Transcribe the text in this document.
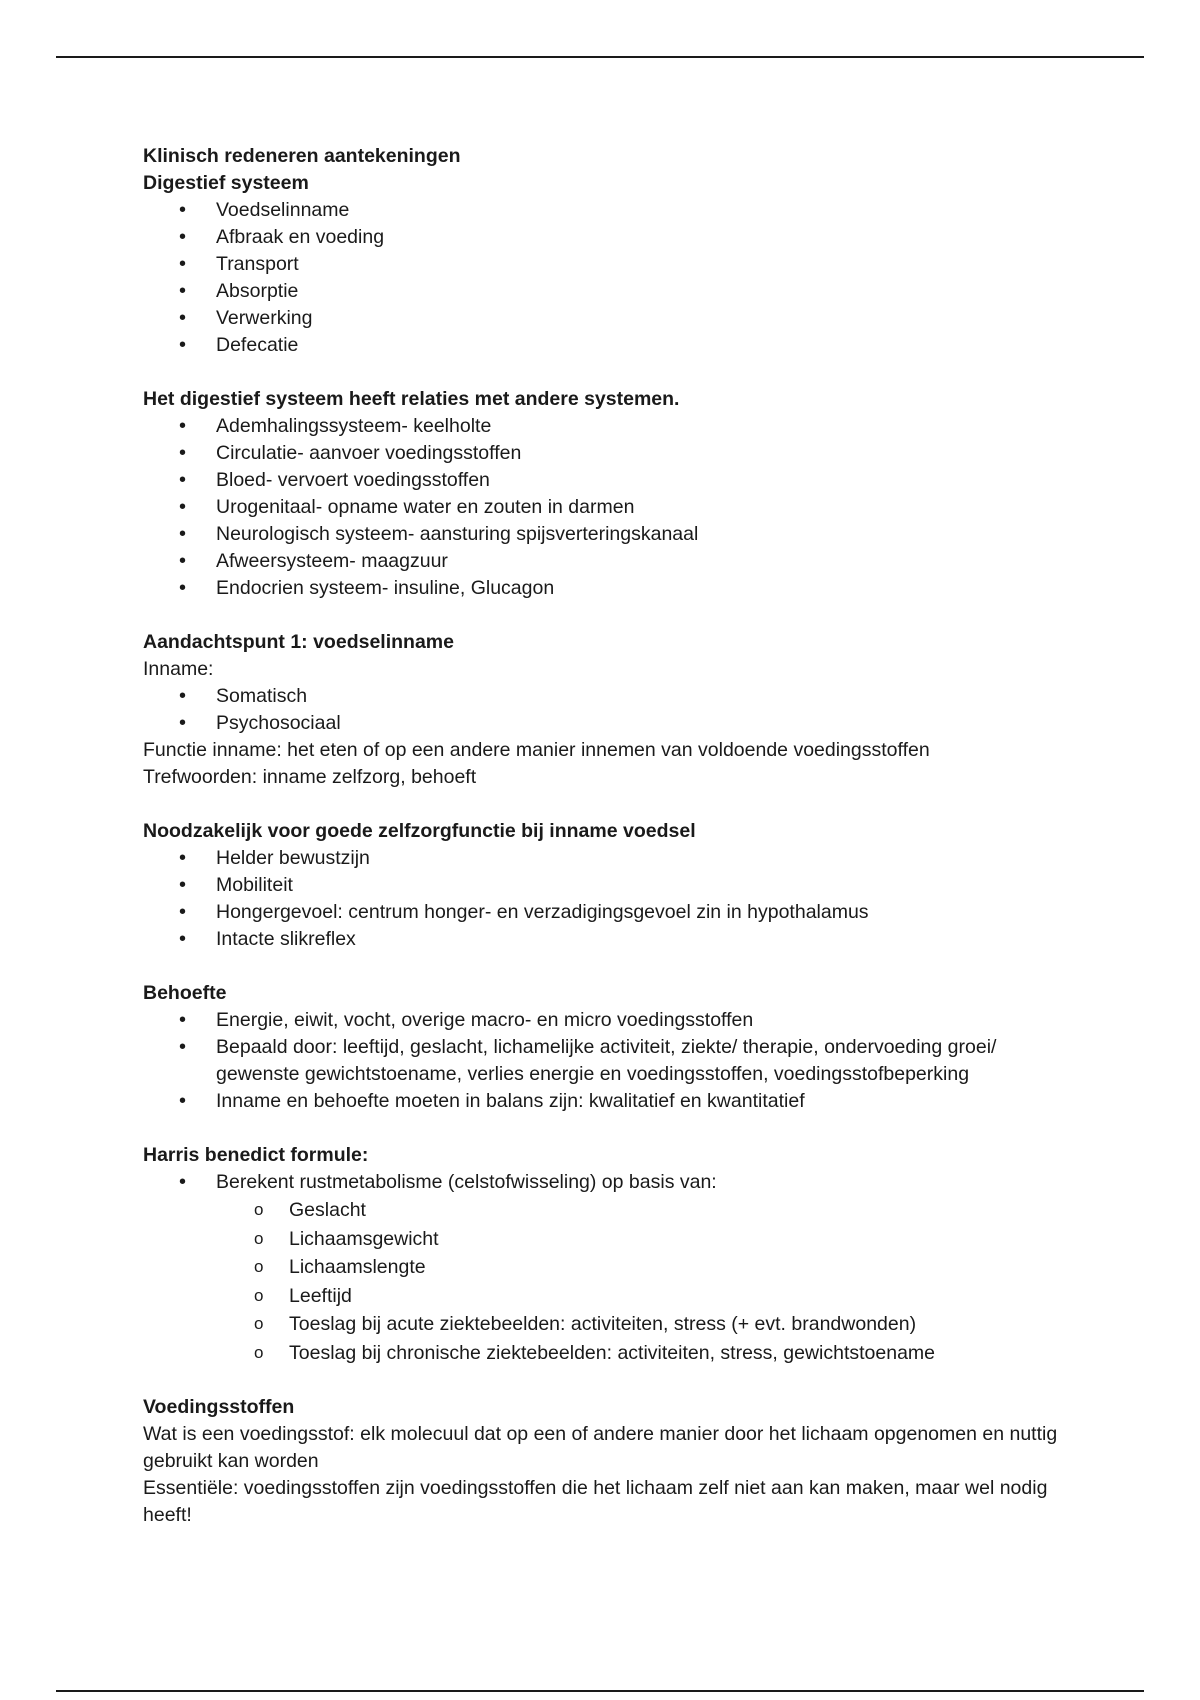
Klinisch redeneren aantekeningen
Digestief systeem
• Voedselinname
• Afbraak en voeding
• Transport
• Absorptie
• Verwerking
• Defecatie
Het digestief systeem heeft relaties met andere systemen.
• Ademhalingssysteem- keelholte
• Circulatie- aanvoer voedingsstoffen
• Bloed- vervoert voedingsstoffen
• Urogenitaal- opname water en zouten in darmen
• Neurologisch systeem- aansturing spijsverteringskanaal
• Afweersysteem- maagzuur
• Endocrien systeem- insuline, Glucagon
Aandachtspunt 1: voedselinname
Inname:
• Somatisch
• Psychosociaal
Functie inname: het eten of op een andere manier innemen van voldoende voedingsstoffen
Trefwoorden: inname zelfzorg, behoeft
Noodzakelijk voor goede zelfzorgfunctie bij inname voedsel
• Helder bewustzijn
• Mobiliteit
• Hongergevoel: centrum honger- en verzadigingsgevoel zin in hypothalamus
• Intacte slikreflex
Behoefte
• Energie, eiwit, vocht, overige macro- en micro voedingsstoffen
• Bepaald door: leeftijd, geslacht, lichamelijke activiteit, ziekte/ therapie, ondervoeding groei/ gewenste gewichtstoename, verlies energie en voedingsstoffen, voedingsstofbeperking
• Inname en behoefte moeten in balans zijn: kwalitatief en kwantitatief
Harris benedict formule:
• Berekent rustmetabolisme (celstofwisseling) op basis van:
o Geslacht
o Lichaamsgewicht
o Lichaamslengte
o Leeftijd
o Toeslag bij acute ziektebeelden: activiteiten, stress (+ evt. brandwonden)
o Toeslag bij chronische ziektebeelden: activiteiten, stress, gewichtstoename
Voedingsstoffen
Wat is een voedingsstof: elk molecuul dat op een of andere manier door het lichaam opgenomen en nuttig gebruikt kan worden
Essentiële: voedingsstoffen zijn voedingsstoffen die het lichaam zelf niet aan kan maken, maar wel nodig heeft!
